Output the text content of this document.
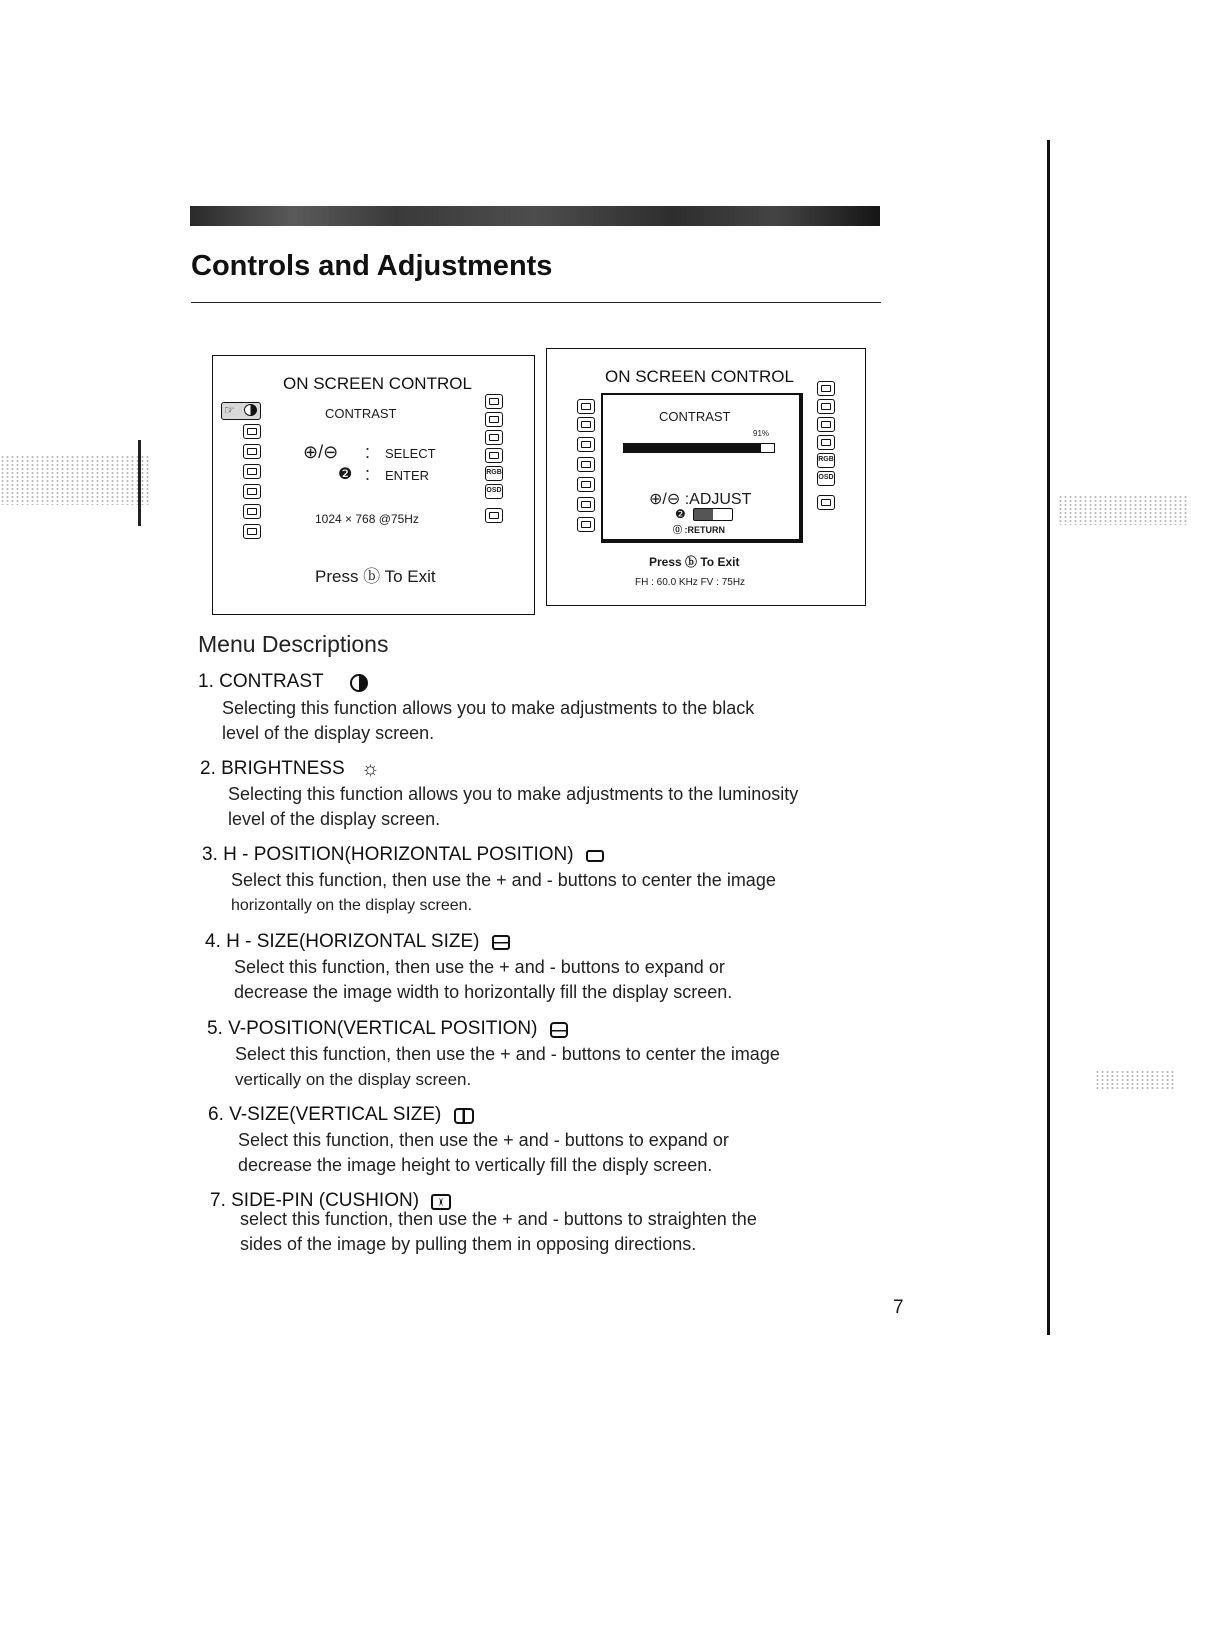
Controls and Adjustments
ON SCREEN CONTROL
☞	CONTRAST
⊕/⊖ : SELECT
❷ : ENTER
1024 × 768 @75Hz
Press ⓑ To Exit
RGB
OSD
ON SCREEN CONTROL
CONTRAST
91%
⊕/⊖ :ADJUST
❷
⓪ :RETURN
Press ⓑ To Exit
FH : 60.0 KHz FV : 75Hz
RGB
OSD
Menu Descriptions
1. CONTRAST
Selecting this function allows you to make adjustments to the black
level of the display screen.
2. BRIGHTNESS ☼
Selecting this function allows you to make adjustments to the luminosity
level of the display screen.
3. H - POSITION(HORIZONTAL POSITION)
Select this function, then use the + and - buttons to center the image
horizontally on the display screen.
4. H - SIZE(HORIZONTAL SIZE)
Select this function, then use the + and - buttons to expand or
decrease the image width to horizontally fill the display screen.
5. V-POSITION(VERTICAL POSITION)
Select this function, then use the + and - buttons to center the image
vertically on the display screen.
6. V-SIZE(VERTICAL SIZE)
Select this function, then use the + and - buttons to expand or
decrease the image height to vertically fill the disply screen.
7. SIDE-PIN (CUSHION)
select this function, then use the + and - buttons to straighten the
sides of the image by pulling them in opposing directions.
7
